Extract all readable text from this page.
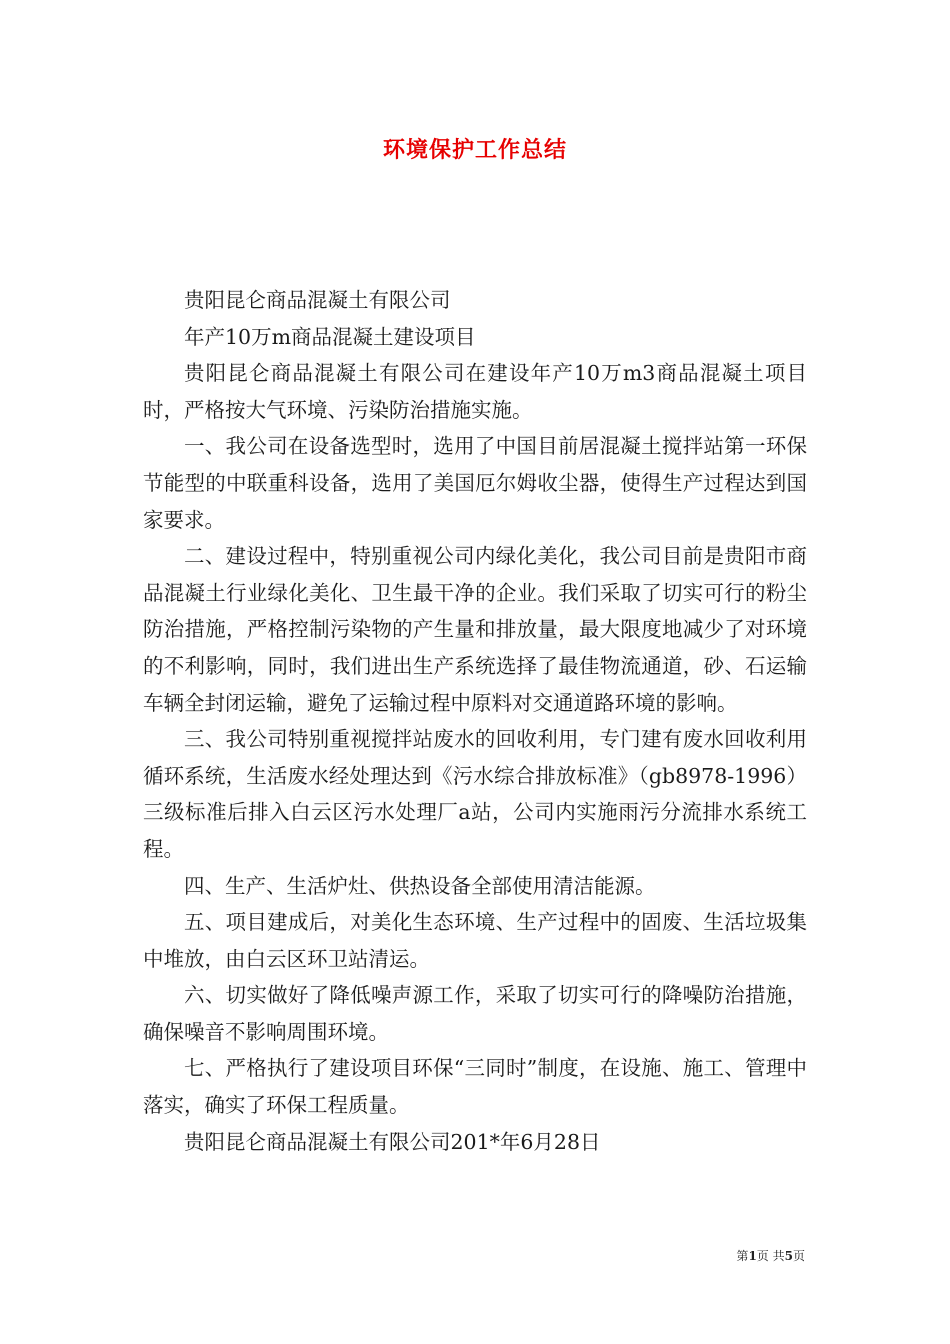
环境保护工作总结

贵阳昆仑商品混凝土有限公司

年产10万m商品混凝土建设项目

贵阳昆仑商品混凝土有限公司在建设年产10万m3商品混凝土项目时，严格按大气环境、污染防治措施实施。

一、我公司在设备选型时，选用了中国目前居混凝土搅拌站第一环保节能型的中联重科设备，选用了美国厄尔姆收尘器，使得生产过程达到国家要求。

二、建设过程中，特别重视公司内绿化美化，我公司目前是贵阳市商品混凝土行业绿化美化、卫生最干净的企业。我们采取了切实可行的粉尘防治措施，严格控制污染物的产生量和排放量，最大限度地减少了对环境的不利影响，同时，我们进出生产系统选择了最佳物流通道，砂、石运输车辆全封闭运输，避免了运输过程中原料对交通道路环境的影响。

三、我公司特别重视搅拌站废水的回收利用，专门建有废水回收利用循环系统，生活废水经处理达到《污水综合排放标准》（gb8978-1996）三级标准后排入白云区污水处理厂a站，公司内实施雨污分流排水系统工程。

四、生产、生活炉灶、供热设备全部使用清洁能源。

五、项目建成后，对美化生态环境、生产过程中的固废、生活垃圾集中堆放，由白云区环卫站清运。

六、切实做好了降低噪声源工作，采取了切实可行的降噪防治措施，确保噪音不影响周围环境。

七、严格执行了建设项目环保“三同时”制度，在设施、施工、管理中落实，确实了环保工程质量。

贵阳昆仑商品混凝土有限公司201*年6月28日

第1页 共5页
